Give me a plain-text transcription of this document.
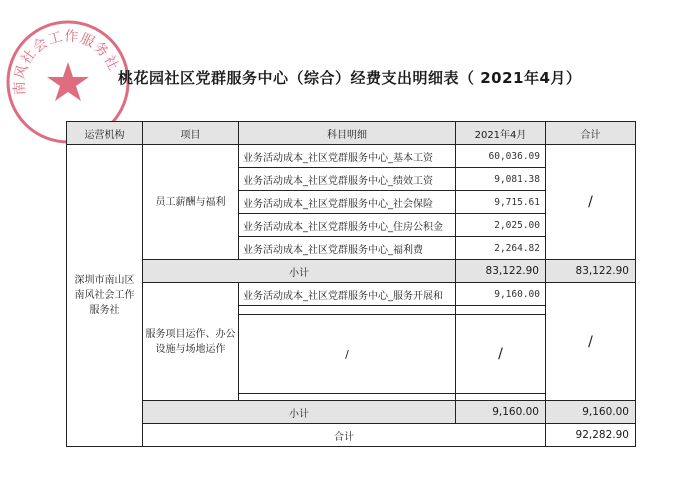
南风社会工作服务社
桃花园社区党群服务中心（综合）经费支出明细表（ 2021年4月）
运营机构	项目	科目明细	2021年4月	合计
深圳市南山区南风社会工作服务社	员工薪酬与福利	业务活动成本_社区党群服务中心_基本工资	60,036.09	/
		业务活动成本_社区党群服务中心_绩效工资	9,081.38	
		业务活动成本_社区党群服务中心_社会保险	9,715.61	
		业务活动成本_社区党群服务中心_住房公积金	2,025.00	
		业务活动成本_社区党群服务中心_福利费	2,264.82	
	小计		83,122.90	83,122.90
	服务项目运作、办公设施与场地运作	业务活动成本_社区党群服务中心_服务开展和	9,160.00	/

		/	/	

	小计		9,160.00	9,160.00
	合计			92,282.90
